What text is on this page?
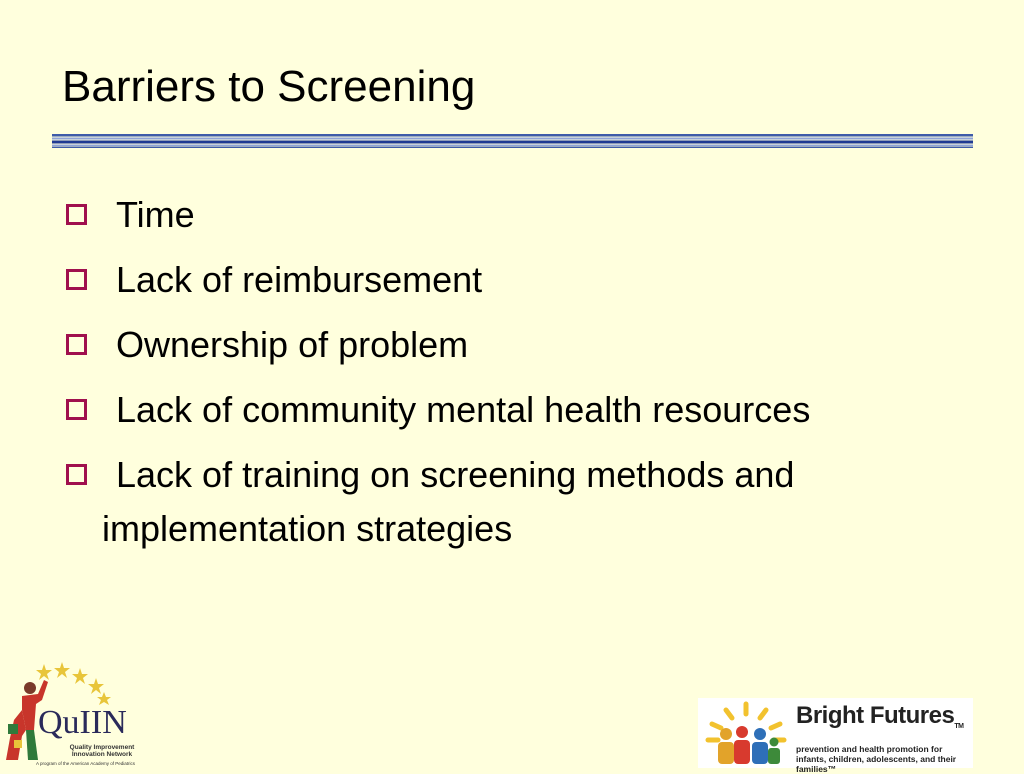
Barriers to Screening
Time
Lack of reimbursement
Ownership of problem
Lack of community mental health resources
Lack of training on screening methods and implementation strategies
QuIIN
Quality Improvement Innovation Network
A program of the American Academy of Pediatrics
Bright FuturesTM
prevention and health promotion for infants, children, adolescents, and their families™
